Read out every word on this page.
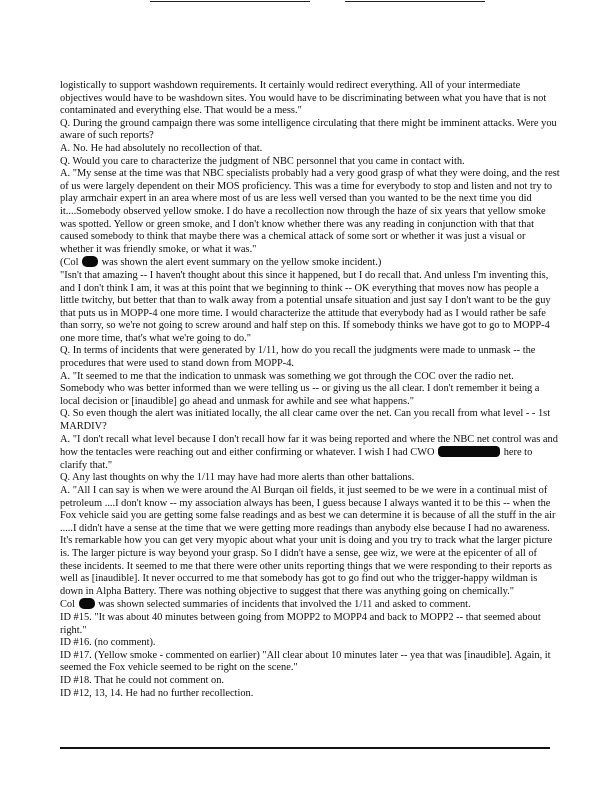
logistically to support washdown requirements. It certainly would redirect everything. All of your intermediate objectives would have to be washdown sites. You would have to be discriminating between what you have that is not contaminated and everything else. That would be a mess."

Q. During the ground campaign there was some intelligence circulating that there might be imminent attacks. Were you aware of such reports?

A. No. He had absolutely no recollection of that.

Q. Would you care to characterize the judgment of NBC personnel that you came in contact with.

A. "My sense at the time was that NBC specialists probably had a very good grasp of what they were doing, and the rest of us were largely dependent on their MOS proficiency. This was a time for everybody to stop and listen and not try to play armchair expert in an area where most of us are less well versed than you wanted to be the next time you did it....Somebody observed yellow smoke. I do have a recollection now through the haze of six years that yellow smoke was spotted. Yellow or green smoke, and I don't know whether there was any reading in conjunction with that that caused somebody to think that maybe there was a chemical attack of some sort or whether it was just a visual or whether it was friendly smoke, or what it was."

(Col  was shown the alert event summary on the yellow smoke incident.)

"Isn't that amazing -- I haven't thought about this since it happened, but I do recall that. And unless I'm inventing this, and I don't think I am, it was at this point that we beginning to think -- OK everything that moves now has people a little twitchy, but better that than to walk away from a potential unsafe situation and just say I don't want to be the guy that puts us in MOPP-4 one more time. I would characterize the attitude that everybody had as I would rather be safe than sorry, so we're not going to screw around and half step on this. If somebody thinks we have got to go to MOPP-4 one more time, that's what we're going to do."

Q. In terms of incidents that were generated by 1/11, how do you recall the judgments were made to unmask -- the procedures that were used to stand down from MOPP-4.

A. "It seemed to me that the indication to unmask was something we got through the COC over the radio net. Somebody who was better informed than we were telling us -- or giving us the all clear. I don't remember it being a local decision or [inaudible] go ahead and unmask for awhile and see what happens."

Q. So even though the alert was initiated locally, the all clear came over the net. Can you recall from what level - - 1st MARDIV?

A. "I don't recall what level because I don't recall how far it was being reported and where the NBC net control was and how the tentacles were reaching out and either confirming or whatever. I wish I had CWO	here to clarify that."

Q. Any last thoughts on why the 1/11 may have had more alerts than other battalions.

A. "All I can say is when we were around the Al Burqan oil fields, it just seemed to be we were in a continual mist of petroleum ....I don't know -- my association always has been, I guess because I always wanted it to be this -- when the Fox vehicle said you are getting some false readings and as best we can determine it is because of all the stuff in the air .....I didn't have a sense at the time that we were getting more readings than anybody else because I had no awareness. It's remarkable how you can get very myopic about what your unit is doing and you try to track what the larger picture is. The larger picture is way beyond your grasp. So I didn't have a sense, gee wiz, we were at the epicenter of all of these incidents. It seemed to me that there were other units reporting things that we were responding to their reports as well as [inaudible]. It never occurred to me that somebody has got to go find out who the trigger-happy wildman is down in Alpha Battery. There was nothing objective to suggest that there was anything going on chemically."

Col  was shown selected summaries of incidents that involved the 1/11 and asked to comment.

ID #15. "It was about 40 minutes between going from MOPP2 to MOPP4 and back to MOPP2 -- that seemed about right."

ID #16. (no comment).

ID #17. (Yellow smoke - commented on earlier) "All clear about 10 minutes later -- yea that was [inaudible]. Again, it seemed the Fox vehicle seemed to be right on the scene."

ID #18. That he could not comment on.

ID #12, 13, 14. He had no further recollection.
